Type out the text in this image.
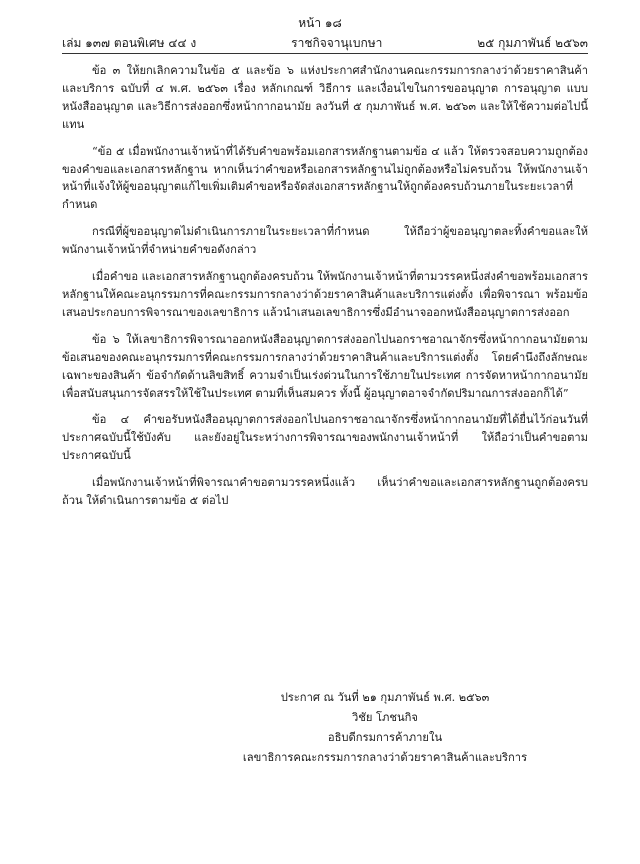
หน้า ๑๘
เล่ม ๑๓๗ ตอนพิเศษ ๔๔ ง	ราชกิจจานุเบกษา	๒๕ กุมภาพันธ์ ๒๕๖๓

ข้อ ๓ ให้ยกเลิกความในข้อ ๕ และข้อ ๖ แห่งประกาศสำนักงานคณะกรรมการกลางว่าด้วยราคาสินค้าและบริการ ฉบับที่ ๔ พ.ศ. ๒๕๖๓ เรื่อง หลักเกณฑ์ วิธีการ และเงื่อนไขในการขออนุญาต การอนุญาต แบบหนังสืออนุญาต และวิธีการส่งออกซึ่งหน้ากากอนามัย ลงวันที่ ๕ กุมภาพันธ์ พ.ศ. ๒๕๖๓ และให้ใช้ความต่อไปนี้แทน

“ข้อ ๕ เมื่อพนักงานเจ้าหน้าที่ได้รับคำขอพร้อมเอกสารหลักฐานตามข้อ ๔ แล้ว ให้ตรวจสอบความถูกต้องของคำขอและเอกสารหลักฐาน หากเห็นว่าคำขอหรือเอกสารหลักฐานไม่ถูกต้องหรือไม่ครบถ้วน ให้พนักงานเจ้าหน้าที่แจ้งให้ผู้ขออนุญาตแก้ไขเพิ่มเติมคำขอหรือจัดส่งเอกสารหลักฐานให้ถูกต้องครบถ้วนภายในระยะเวลาที่กำหนด

กรณีที่ผู้ขออนุญาตไม่ดำเนินการภายในระยะเวลาที่กำหนด ให้ถือว่าผู้ขออนุญาตละทิ้งคำขอและให้พนักงานเจ้าหน้าที่จำหน่ายคำขอดังกล่าว

เมื่อคำขอ และเอกสารหลักฐานถูกต้องครบถ้วน ให้พนักงานเจ้าหน้าที่ตามวรรคหนึ่งส่งคำขอพร้อมเอกสารหลักฐานให้คณะอนุกรรมการที่คณะกรรมการกลางว่าด้วยราคาสินค้าและบริการแต่งตั้ง เพื่อพิจารณา พร้อมข้อเสนอประกอบการพิจารณาของเลขาธิการ แล้วนำเสนอเลขาธิการซึ่งมีอำนาจออกหนังสืออนุญาตการส่งออก

ข้อ ๖ ให้เลขาธิการพิจารณาออกหนังสืออนุญาตการส่งออกไปนอกราชอาณาจักรซึ่งหน้ากากอนามัยตามข้อเสนอของคณะอนุกรรมการที่คณะกรรมการกลางว่าด้วยราคาสินค้าและบริการแต่งตั้ง โดยคำนึงถึงลักษณะเฉพาะของสินค้า ข้อจำกัดด้านลิขสิทธิ์ ความจำเป็นเร่งด่วนในการใช้ภายในประเทศ การจัดหาหน้ากากอนามัยเพื่อสนับสนุนการจัดสรรให้ใช้ในประเทศ ตามที่เห็นสมควร ทั้งนี้ ผู้อนุญาตอาจจำกัดปริมาณการส่งออกก็ได้”

ข้อ ๔ คำขอรับหนังสืออนุญาตการส่งออกไปนอกราชอาณาจักรซึ่งหน้ากากอนามัยที่ได้ยื่นไว้ก่อนวันที่ประกาศฉบับนี้ใช้บังคับ และยังอยู่ในระหว่างการพิจารณาของพนักงานเจ้าหน้าที่ ให้ถือว่าเป็นคำขอตามประกาศฉบับนี้

เมื่อพนักงานเจ้าหน้าที่พิจารณาคำขอตามวรรคหนึ่งแล้ว เห็นว่าคำขอและเอกสารหลักฐานถูกต้องครบถ้วน ให้ดำเนินการตามข้อ ๕ ต่อไป

ประกาศ ณ วันที่ ๒๑ กุมภาพันธ์ พ.ศ. ๒๕๖๓
วิชัย โภชนกิจ
อธิบดีกรมการค้าภายใน
เลขาธิการคณะกรรมการกลางว่าด้วยราคาสินค้าและบริการ
